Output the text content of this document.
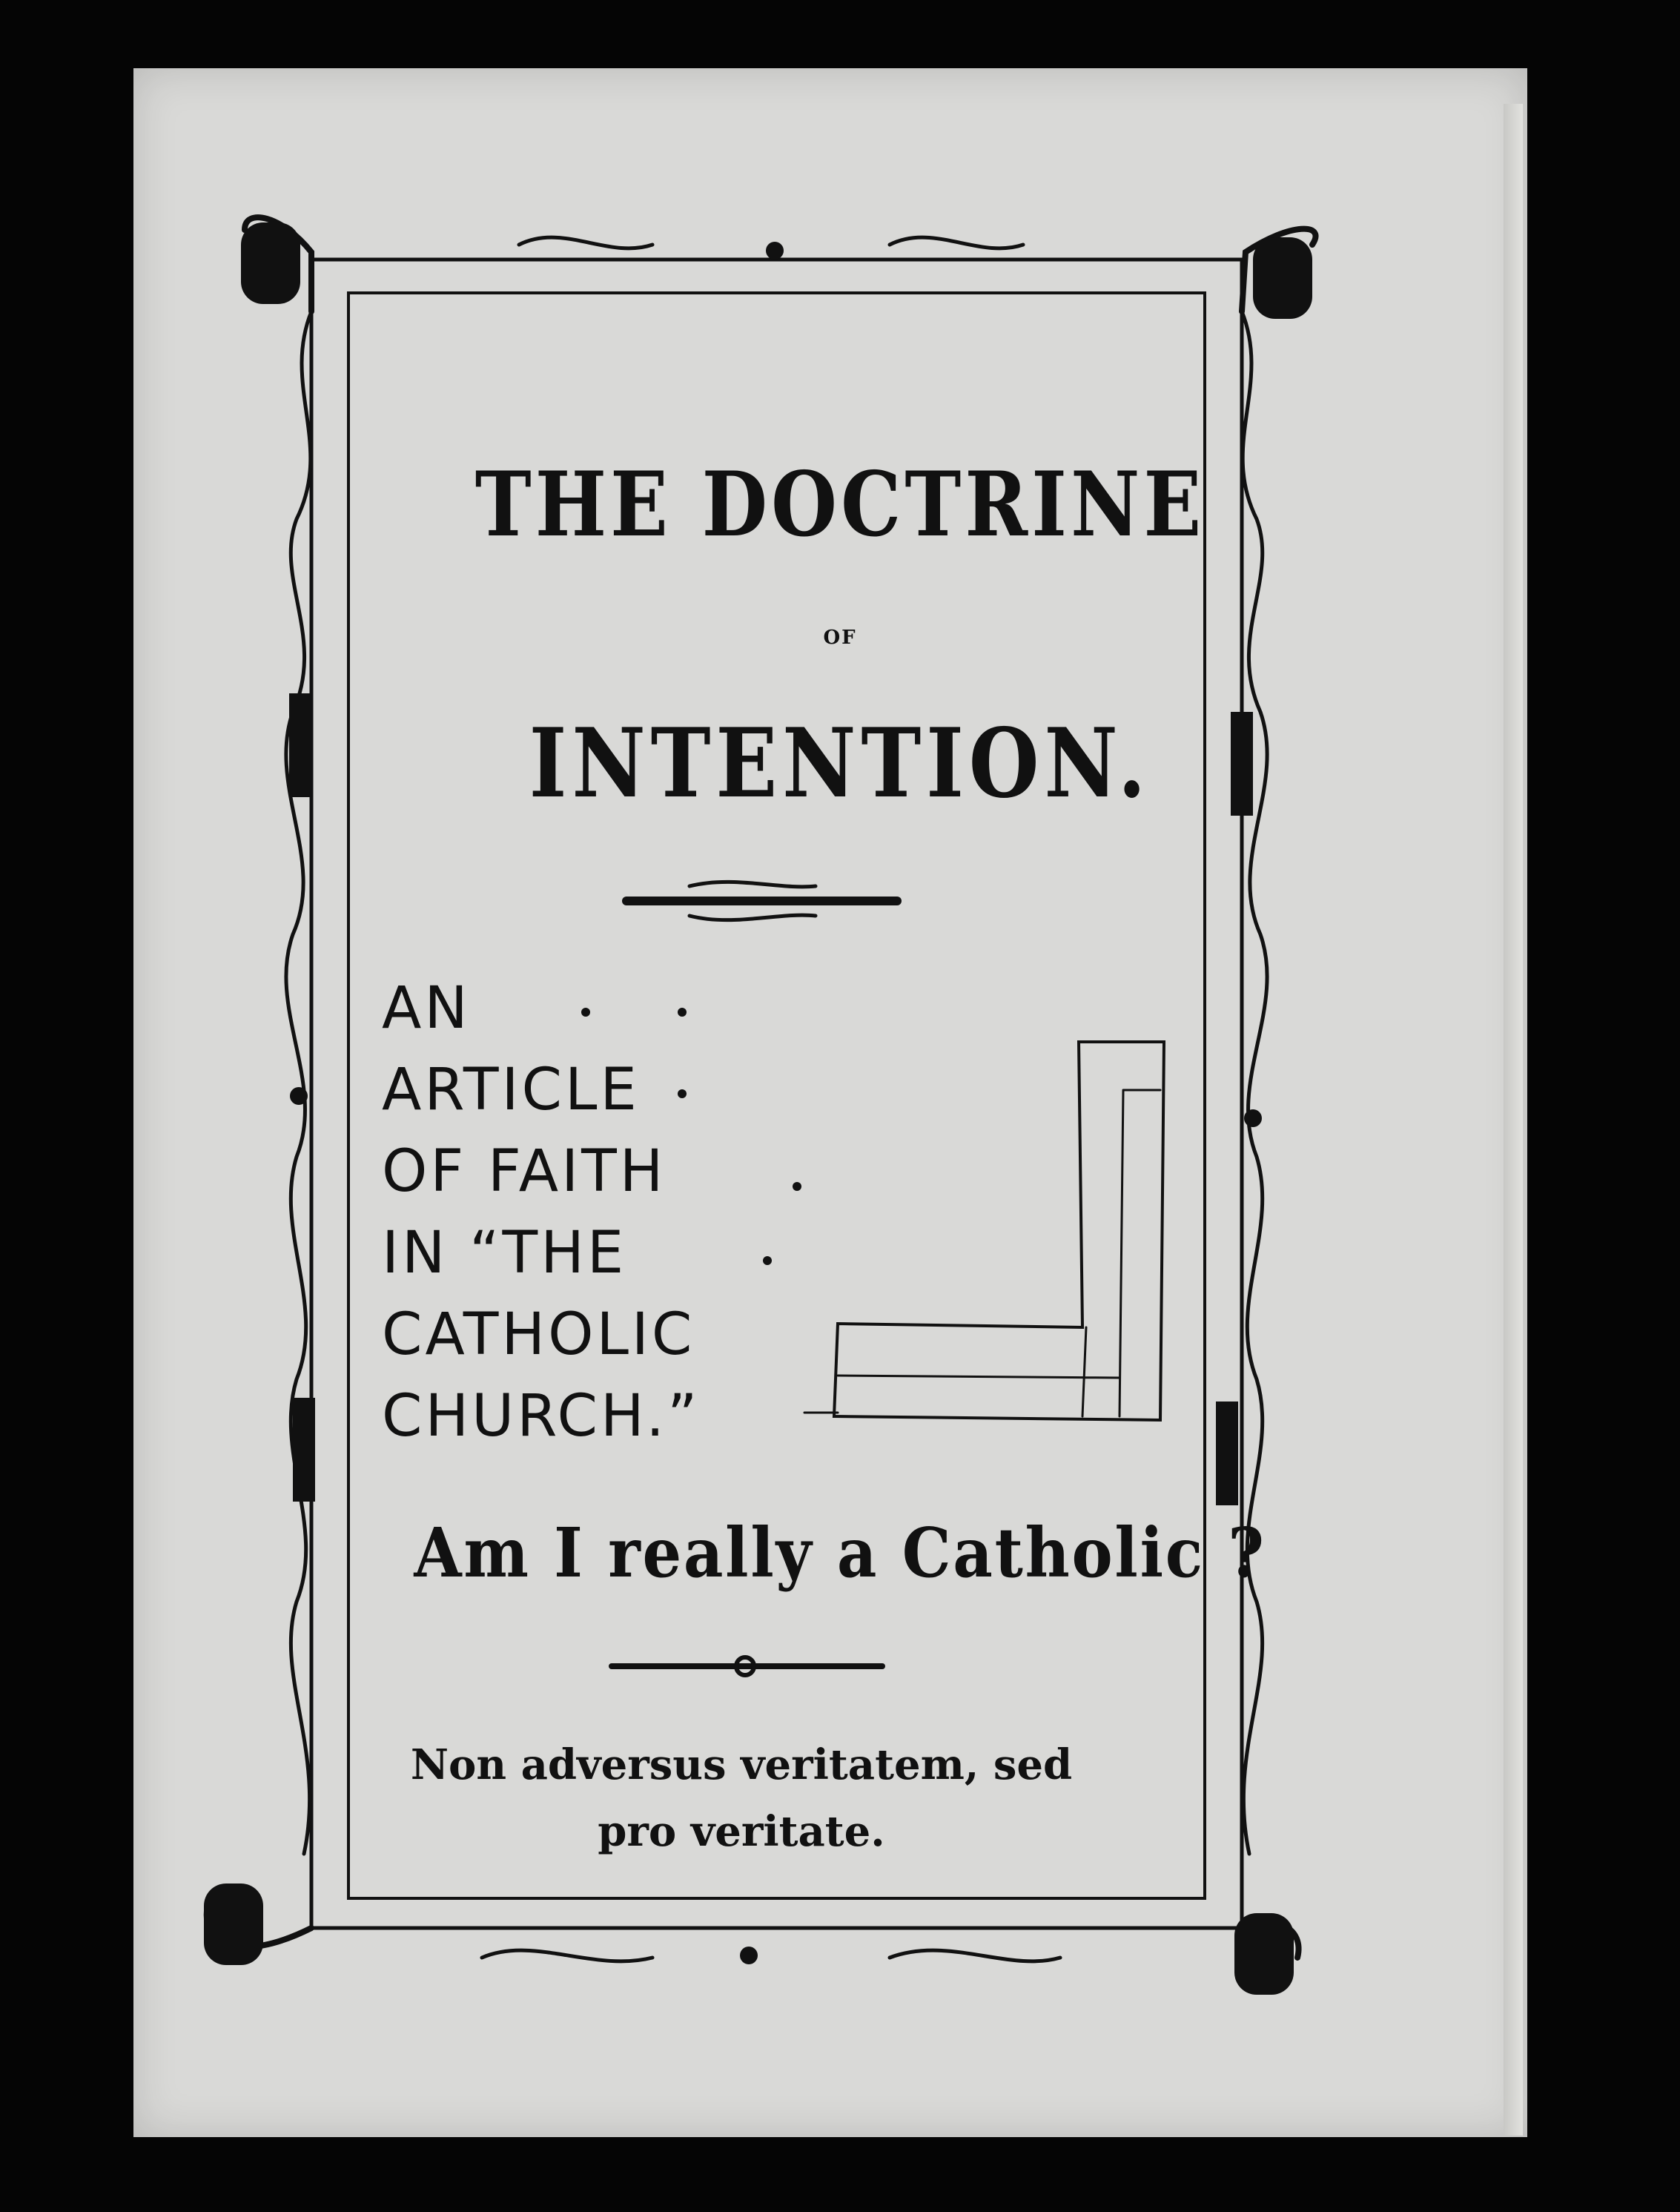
THE DOCTRINE

OF

INTENTION.

AN
ARTICLE
OF FAITH
IN “THE
CATHOLIC
CHURCH.”

Am I really a Catholic ?

Non adversus veritatem, sed pro veritate.
